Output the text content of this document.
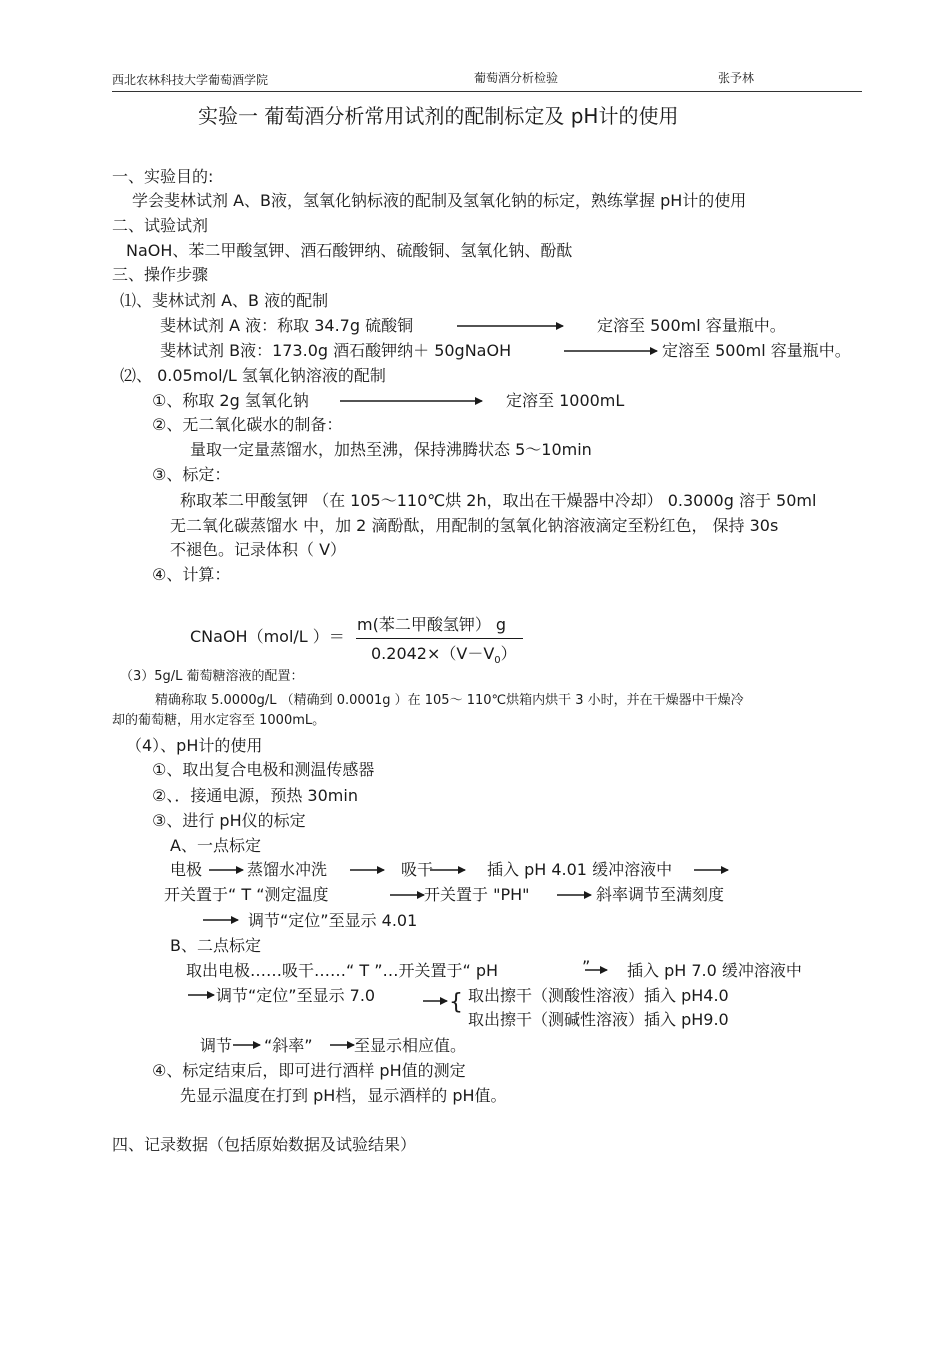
西北农林科技大学葡萄酒学院	葡萄酒分析检验	张予林
实验一 葡萄酒分析常用试剂的配制标定及 pH计的使用
一、实验目的:
学会斐林试剂 A、B液，氢氧化钠标液的配制及氢氧化钠的标定，熟练掌握 pH计的使用
二、试验试剂
NaOH、苯二甲酸氢钾、酒石酸钾纳、硫酸铜、氢氧化钠、酚酞
三、操作步骤
⑴、斐林试剂 A、B 液的配制
斐林试剂 A 液：称取 34.7g 硫酸铜	定溶至 500ml 容量瓶中。
斐林试剂 B液：173.0g 酒石酸钾纳＋ 50gNaOH	定溶至 500ml 容量瓶中。
⑵、 0.05mol/L 氢氧化钠溶液的配制
①、称取 2g 氢氧化钠	定溶至 1000mL
②、无二氧化碳水的制备：
量取一定量蒸馏水，加热至沸，保持沸腾状态 5～10min
③、标定：
称取苯二甲酸氢钾 （在 105～110℃烘 2h，取出在干燥器中冷却） 0.3000g 溶于 50ml
无二氧化碳蒸馏水 中，加 2 滴酚酞，用配制的氢氧化钠溶液滴定至粉红色， 保持 30s
不褪色。记录体积（ V）
④、计算：
CNaOH（mol/L ）＝
m(苯二甲酸氢钾） g
$0.2042\times(V-V_0)$
（3）5g/L 葡萄糖溶液的配置：
精确称取 5.0000g/L （精确到 0.0001g ）在 105～ 110℃烘箱内烘干 3 小时，并在干燥器中干燥冷
却的葡萄糖，用水定容至 1000mL。
（4）、pH计的使用
①、取出复合电极和测温传感器
②、．接通电源，预热 30min
③、进行 pH仪的标定
A、一点标定
电极	蒸馏水冲洗	吸干	插入 pH 4.01 缓冲溶液中
开关置于“ T “测定温度	开关置于 "PH"	斜率调节至满刻度
调节“定位”至显示 4.01
B、二点标定
取出电极……吸干……“ T ”…开关置于“ pH	” 插入 pH 7.0 缓冲溶液中
调节“定位”至显示 7.0	{ 取出擦干（测酸性溶液）插入 pH4.0
取出擦干（测碱性溶液）插入 pH9.0
调节 “斜率”	至显示相应值。
④、标定结束后，即可进行酒样 pH值的测定
先显示温度在打到 pH档，显示酒样的 pH值。
四、记录数据（包括原始数据及试验结果）
